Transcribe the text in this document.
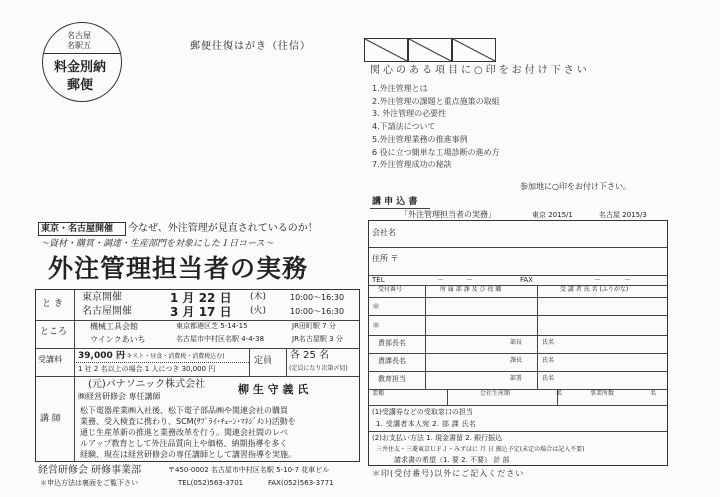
名古屋
名駅五
料金別納
郵便
郵便往復はがき（往信）
関心のある項目に○印をお付け下さい
1.外注管理とは
2.外注管理の課題と重点施策の取組
3. 外注管理の必要性
4.下請法について
5.外注管理業務の推進事例
6 役に立つ簡単な工場診断の進め方
7.外注管理成功の秘訣
参加地に○印をお付け下さい。
東京・名古屋開催 今なぜ、外注管理が見直されているのか！
～資材・購買・調達・生産部門を対象にした１日コース～
外注管理担当者の実務
と き
東京開催	1 月 22 日 (木)	10:00～16:30
名古屋開催	3 月 17 日 (火)	10:00～16:30
ところ
機械工具会館	東京都港区芝 5-14-15	JR田町駅 7 分
ウインクあいち	名古屋市中村区名駅 4-4-38	JR名古屋駅 3 分
受講料 39,000 円
(テキスト・昼食・消費税・消費税込む)
1 社 2 名以上の場合 1 人につき 30,000 円
定員 各 25 名
(定員になり次第〆切)
講 師
(元)パナソニック株式会社
㈱経営研修会 専任講師
柳 生 守 義 氏
松下電器産業㈱入社後、松下電子部品㈱や関連会社の購買
業務、受入検査に携わり、SCM(ｻﾌﾟﾗｲ･ﾁｪｰﾝ･ﾏﾈｼﾞﾒﾝﾄ)活動を
通じ生産革新の推進と業務改革を行う。関連会社間のレベ
ルアップ教育として外注品質向上や価格、納期指導を多く
経験、現在は経営研修会の専任講師として講習指導を実施。
経営研修会 研修事業部	〒450-0002 名古屋市中村区名駅 5-10-7 花車ビル
＊申込方法は裏面をご覧下さい	TEL(052)563-3701	FAX(052)563-3771
講 申 込 書
「外注管理担当者の実務」	東京 2015/1	名古屋 2015/3
会社名
住所 〒
TEL	－	－	FAX	－	－
受付番号	所 属 部 課 及 び 役 職	受 講 者 氏 名 (ふりがな)
＊
＊
責部長名	部長	氏名
責課長名	課長	氏名
教育担当	部署	氏名
業種	会社生産額	名	事業所数	名
(1)受講券などの受取窓口の担当
1. 受講者本人宛 2. 部 課 氏名
(2)お支払い方法 1. 現金書留 2. 銀行振込
三井住友・三菱東京ＵＦＪ・みずほに 月 日 振込予定(未定の場合は記入不要)
請求書の希望（1. 要 2. 不要） 計 部
＊印(受付番号)以外にご記入ください
